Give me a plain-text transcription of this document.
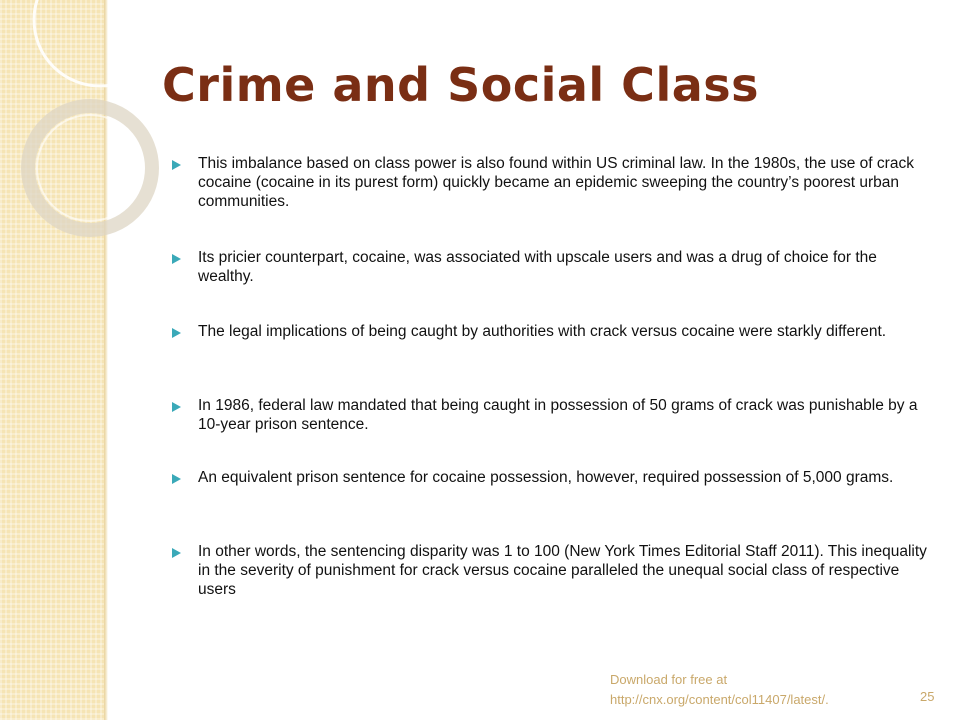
Crime and Social Class
This imbalance based on class power is also found within US criminal law. In the 1980s, the use of crack cocaine (cocaine in its purest form) quickly became an epidemic sweeping the country’s poorest urban communities.
Its pricier counterpart, cocaine, was associated with upscale users and was a drug of choice for the wealthy.
The legal implications of being caught by authorities with crack versus cocaine were starkly different.
In 1986, federal law mandated that being caught in possession of 50 grams of crack was punishable by a 10-year prison sentence.
An equivalent prison sentence for cocaine possession, however, required possession of 5,000 grams.
In other words, the sentencing disparity was 1 to 100 (New York Times Editorial Staff 2011). This inequality in the severity of punishment for crack versus cocaine paralleled the unequal social class of respective users
Download for free at
http://cnx.org/content/col11407/latest/.	25
